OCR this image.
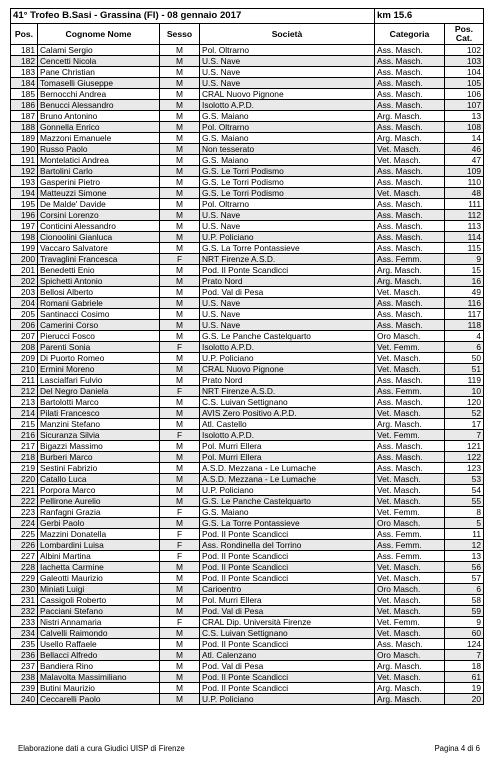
41° Trofeo B.Sasi - Grassina (FI) - 08 gennaio 2017				km 15.6	
Pos.	Cognome Nome	Sesso	Società	Categoria	Pos.
Cat.
181	Calami Sergio	M	Pol. Oltrarno	Ass. Masch.	102
182	Cencetti Nicola	M	U.S. Nave	Ass. Masch.	103
183	Pane Christian	M	U.S. Nave	Ass. Masch.	104
184	Tomaselli Giuseppe	M	U.S. Nave	Ass. Masch.	105
185	Bernocchi Andrea	M	CRAL Nuovo Pignone	Ass. Masch.	106
186	Benucci Alessandro	M	Isolotto A.P.D.	Ass. Masch.	107
187	Bruno Antonino	M	G.S. Maiano	Arg. Masch.	13
188	Gonnella Enrico	M	Pol. Oltrarno	Ass. Masch.	108
189	Mazzoni Emanuele	M	G.S. Maiano	Arg. Masch.	14
190	Russo Paolo	M	Non tesserato	Vet. Masch.	46
191	Montelatici Andrea	M	G.S. Maiano	Vet. Masch.	47
192	Bartolini Carlo	M	G.S. Le Torri Podismo	Ass. Masch.	109
193	Gasperini Pietro	M	G.S. Le Torri Podismo	Ass. Masch.	110
194	Matteuzzi Simone	M	G.S. Le Torri Podismo	Vet. Masch.	48
195	De Malde' Davide	M	Pol. Oltrarno	Ass. Masch.	111
196	Corsini Lorenzo	M	U.S. Nave	Ass. Masch.	112
197	Conticini Alessandro	M	U.S. Nave	Ass. Masch.	113
198	Cionoolini Gianluca	M	U.P. Policiano	Ass. Masch.	114
199	Vaccaro Salvatore	M	G.S. La Torre Pontassieve	Ass. Masch.	115
200	Travaglini Francesca	F	NRT Firenze A.S.D.	Ass. Femm.	9
201	Benedetti Enio	M	Pod. Il Ponte Scandicci	Arg. Masch.	15
202	Spichetti Antonio	M	Prato Nord	Arg. Masch.	16
203	Bellosi Alberto	M	Pod. Val di Pesa	Vet. Masch.	49
204	Romani Gabriele	M	U.S. Nave	Ass. Masch.	116
205	Santinacci Cosimo	M	U.S. Nave	Ass. Masch.	117
206	Camerini Corso	M	U.S. Nave	Ass. Masch.	118
207	Pierucci Fosco	M	G.S. Le Panche Castelquarto	Oro Masch.	4
208	Parenti Sonia	F	Isolotto A.P.D.	Vet. Femm.	6
209	Di Puorto Romeo	M	U.P. Policiano	Vet. Masch.	50
210	Ermini Moreno	M	CRAL Nuovo Pignone	Vet. Masch.	51
211	Lascialfari Fulvio	M	Prato Nord	Ass. Masch.	119
212	Del Negro Daniela	F	NRT Firenze A.S.D.	Ass. Femm.	10
213	Bartolotti Marco	M	C.S. Luivan Settignano	Ass. Masch.	120
214	Pilati Francesco	M	AVIS Zero Positivo A.P.D.	Vet. Masch.	52
215	Manzini Stefano	M	Atl. Castello	Arg. Masch.	17
216	Sicuranza Silvia	F	Isolotto A.P.D.	Vet. Femm.	7
217	Bigazzi Massimo	M	Pol. Murri Ellera	Ass. Masch.	121
218	Burberi Marco	M	Pol. Murri Ellera	Ass. Masch.	122
219	Sestini Fabrizio	M	A.S.D. Mezzana - Le Lumache	Ass. Masch.	123
220	Catallo Luca	M	A.S.D. Mezzana - Le Lumache	Vet. Masch.	53
221	Porpora Marco	M	U.P. Policiano	Vet. Masch.	54
222	Pellirone Aurelio	M	G.S. Le Panche Castelquarto	Vet. Masch.	55
223	Ranfagni Grazia	F	G.S. Maiano	Vet. Femm.	8
224	Gerbi Paolo	M	G.S. La Torre Pontassieve	Oro Masch.	5
225	Mazzini Donatella	F	Pod. Il Ponte Scandicci	Ass. Femm.	11
226	Lombardini Luisa	F	Ass. Rondinella del Torrino	Ass. Femm.	12
227	Albini Martina	F	Pod. Il Ponte Scandicci	Ass. Femm.	13
228	Iachetta Carmine	M	Pod. Il Ponte Scandicci	Vet. Masch.	56
229	Galeotti Maurizio	M	Pod. Il Ponte Scandicci	Vet. Masch.	57
230	Miniati Luigi	M	Carioentro	Oro Masch.	6
231	Cassigoli Roberto	M	Pol. Murri Ellera	Vet. Masch.	58
232	Pacciani Stefano	M	Pod. Val di Pesa	Vet. Masch.	59
233	Nistri Annamaria	F	CRAL Dip. Università Firenze	Vet. Femm.	9
234	Calvelli Raimondo	M	C.S. Luivan Settignano	Vet. Masch.	60
235	Usello Raffaele	M	Pod. Il Ponte Scandicci	Ass. Masch.	124
236	Bellacci Alfredo	M	Atl. Calenzano	Oro Masch.	7
237	Bandiera Rino	M	Pod. Val di Pesa	Arg. Masch.	18
238	Malavolta Massimiliano	M	Pod. Il Ponte Scandicci	Vet. Masch.	61
239	Butini Maurizio	M	Pod. Il Ponte Scandicci	Arg. Masch.	19
240	Ceccarelli Paolo	M	U.P. Policiano	Arg. Masch.	20
Elaborazione dati a cura Giudici UISP di Firenze	Pagina 4 di 6
